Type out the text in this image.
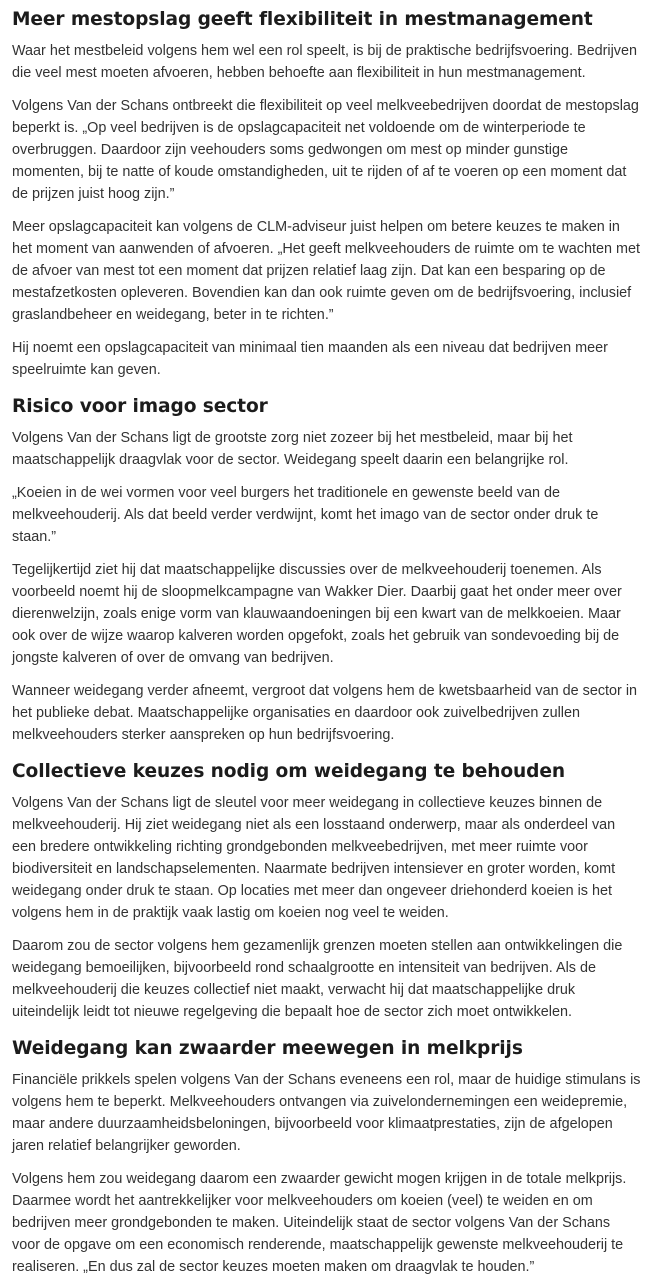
Meer mestopslag geeft flexibiliteit in mestmanagement

Waar het mestbeleid volgens hem wel een rol speelt, is bij de praktische bedrijfsvoering. Bedrijven die veel mest moeten afvoeren, hebben behoefte aan flexibiliteit in hun mestmanagement.

Volgens Van der Schans ontbreekt die flexibiliteit op veel melkveebedrijven doordat de mestopslag beperkt is. „Op veel bedrijven is de opslagcapaciteit net voldoende om de winterperiode te overbruggen. Daardoor zijn veehouders soms gedwongen om mest op minder gunstige momenten, bij te natte of koude omstandigheden, uit te rijden of af te voeren op een moment dat de prijzen juist hoog zijn.”

Meer opslagcapaciteit kan volgens de CLM-adviseur juist helpen om betere keuzes te maken in het moment van aanwenden of afvoeren. „Het geeft melkveehouders de ruimte om te wachten met de afvoer van mest tot een moment dat prijzen relatief laag zijn. Dat kan een besparing op de mestafzetkosten opleveren. Bovendien kan dan ook ruimte geven om de bedrijfsvoering, inclusief graslandbeheer en weidegang, beter in te richten.”

Hij noemt een opslagcapaciteit van minimaal tien maanden als een niveau dat bedrijven meer speelruimte kan geven.

Risico voor imago sector

Volgens Van der Schans ligt de grootste zorg niet zozeer bij het mestbeleid, maar bij het maatschappelijk draagvlak voor de sector. Weidegang speelt daarin een belangrijke rol.

„Koeien in de wei vormen voor veel burgers het traditionele en gewenste beeld van de melkveehouderij. Als dat beeld verder verdwijnt, komt het imago van de sector onder druk te staan.”

Tegelijkertijd ziet hij dat maatschappelijke discussies over de melkveehouderij toenemen. Als voorbeeld noemt hij de sloopmelkcampagne van Wakker Dier. Daarbij gaat het onder meer over dierenwelzijn, zoals enige vorm van klauwaandoeningen bij een kwart van de melkkoeien. Maar ook over de wijze waarop kalveren worden opgefokt, zoals het gebruik van sondevoeding bij de jongste kalveren of over de omvang van bedrijven.

Wanneer weidegang verder afneemt, vergroot dat volgens hem de kwetsbaarheid van de sector in het publieke debat. Maatschappelijke organisaties en daardoor ook zuivelbedrijven zullen melkveehouders sterker aanspreken op hun bedrijfsvoering.

Collectieve keuzes nodig om weidegang te behouden

Volgens Van der Schans ligt de sleutel voor meer weidegang in collectieve keuzes binnen de melkveehouderij. Hij ziet weidegang niet als een losstaand onderwerp, maar als onderdeel van een bredere ontwikkeling richting grondgebonden melkveebedrijven, met meer ruimte voor biodiversiteit en landschapselementen. Naarmate bedrijven intensiever en groter worden, komt weidegang onder druk te staan. Op locaties met meer dan ongeveer driehonderd koeien is het volgens hem in de praktijk vaak lastig om koeien nog veel te weiden.

Daarom zou de sector volgens hem gezamenlijk grenzen moeten stellen aan ontwikkelingen die weidegang bemoeilijken, bijvoorbeeld rond schaalgrootte en intensiteit van bedrijven. Als de melkveehouderij die keuzes collectief niet maakt, verwacht hij dat maatschappelijke druk uiteindelijk leidt tot nieuwe regelgeving die bepaalt hoe de sector zich moet ontwikkelen.

Weidegang kan zwaarder meewegen in melkprijs

Financiële prikkels spelen volgens Van der Schans eveneens een rol, maar de huidige stimulans is volgens hem te beperkt. Melkveehouders ontvangen via zuivelondernemingen een weidepremie, maar andere duurzaamheidsbeloningen, bijvoorbeeld voor klimaatprestaties, zijn de afgelopen jaren relatief belangrijker geworden.

Volgens hem zou weidegang daarom een zwaarder gewicht mogen krijgen in de totale melkprijs. Daarmee wordt het aantrekkelijker voor melkveehouders om koeien (veel) te weiden en om bedrijven meer grondgebonden te maken. Uiteindelijk staat de sector volgens Van der Schans voor de opgave om een economisch renderende, maatschappelijk gewenste melkveehouderij te realiseren. „En dus zal de sector keuzes moeten maken om draagvlak te houden.”
